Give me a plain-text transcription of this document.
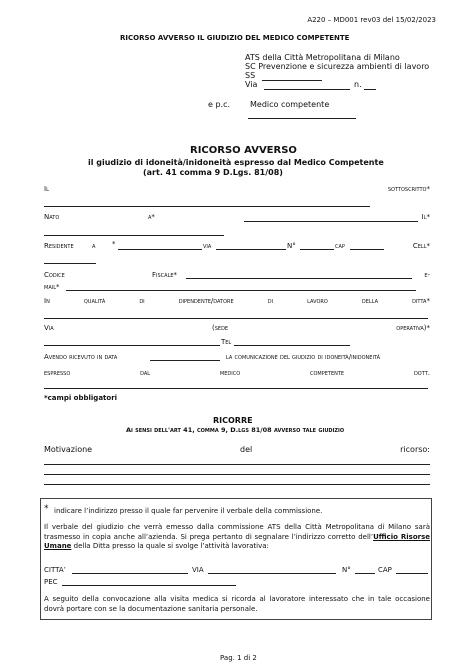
A220 – MD001 rev03 del 15/02/2023
RICORSO AVVERSO IL GIUDIZIO DEL MEDICO COMPETENTE
ATS della Città Metropolitana di Milano
SC Prevenzione e sicurezza ambienti di lavoro
SS
Via	n.
e p.c. Medico competente
RICORSO AVVERSO
il giudizio di idoneità/inidoneità espresso dal Medico Competente
(art. 41 comma 9 D.Lgs. 81/08)
Il	sottoscritto*
Nato	a*	Il*
Residente	a *	via	N°	cap	Cell*
Codice	Fiscale*	e-
mail*
In	qualità	di	dipendente/datore	di	lavoro	della	ditta*
Via	(sede	operativa)*
Tel
Avendo ricevuto in data	la comunicazione del giudizio di idoneità/inidoneità
espresso	dal	medico	competente	dott.
*campi obbligatori
RICORRE
Ai sensi dell'art 41, comma 9, D.lgs 81/08 avverso tale giudizio
Motivazione	del	ricorso:
* indicare l’indirizzo presso il quale far pervenire il verbale della commissione.
Il verbale del giudizio che verrà emesso dalla commissione ATS della Città Metropolitana di Milano sarà trasmesso in copia anche all’azienda. Si prega pertanto di segnalare l’indirizzo corretto dell’Ufficio Risorse Umane della Ditta presso la quale si svolge l’attività lavorativa:
CITTA’	VIA	N°	CAP
PEC
A seguito della convocazione alla visita medica si ricorda al lavoratore interessato che in tale occasione dovrà portare con se la documentazione sanitaria personale.
Pag. 1 di 2
